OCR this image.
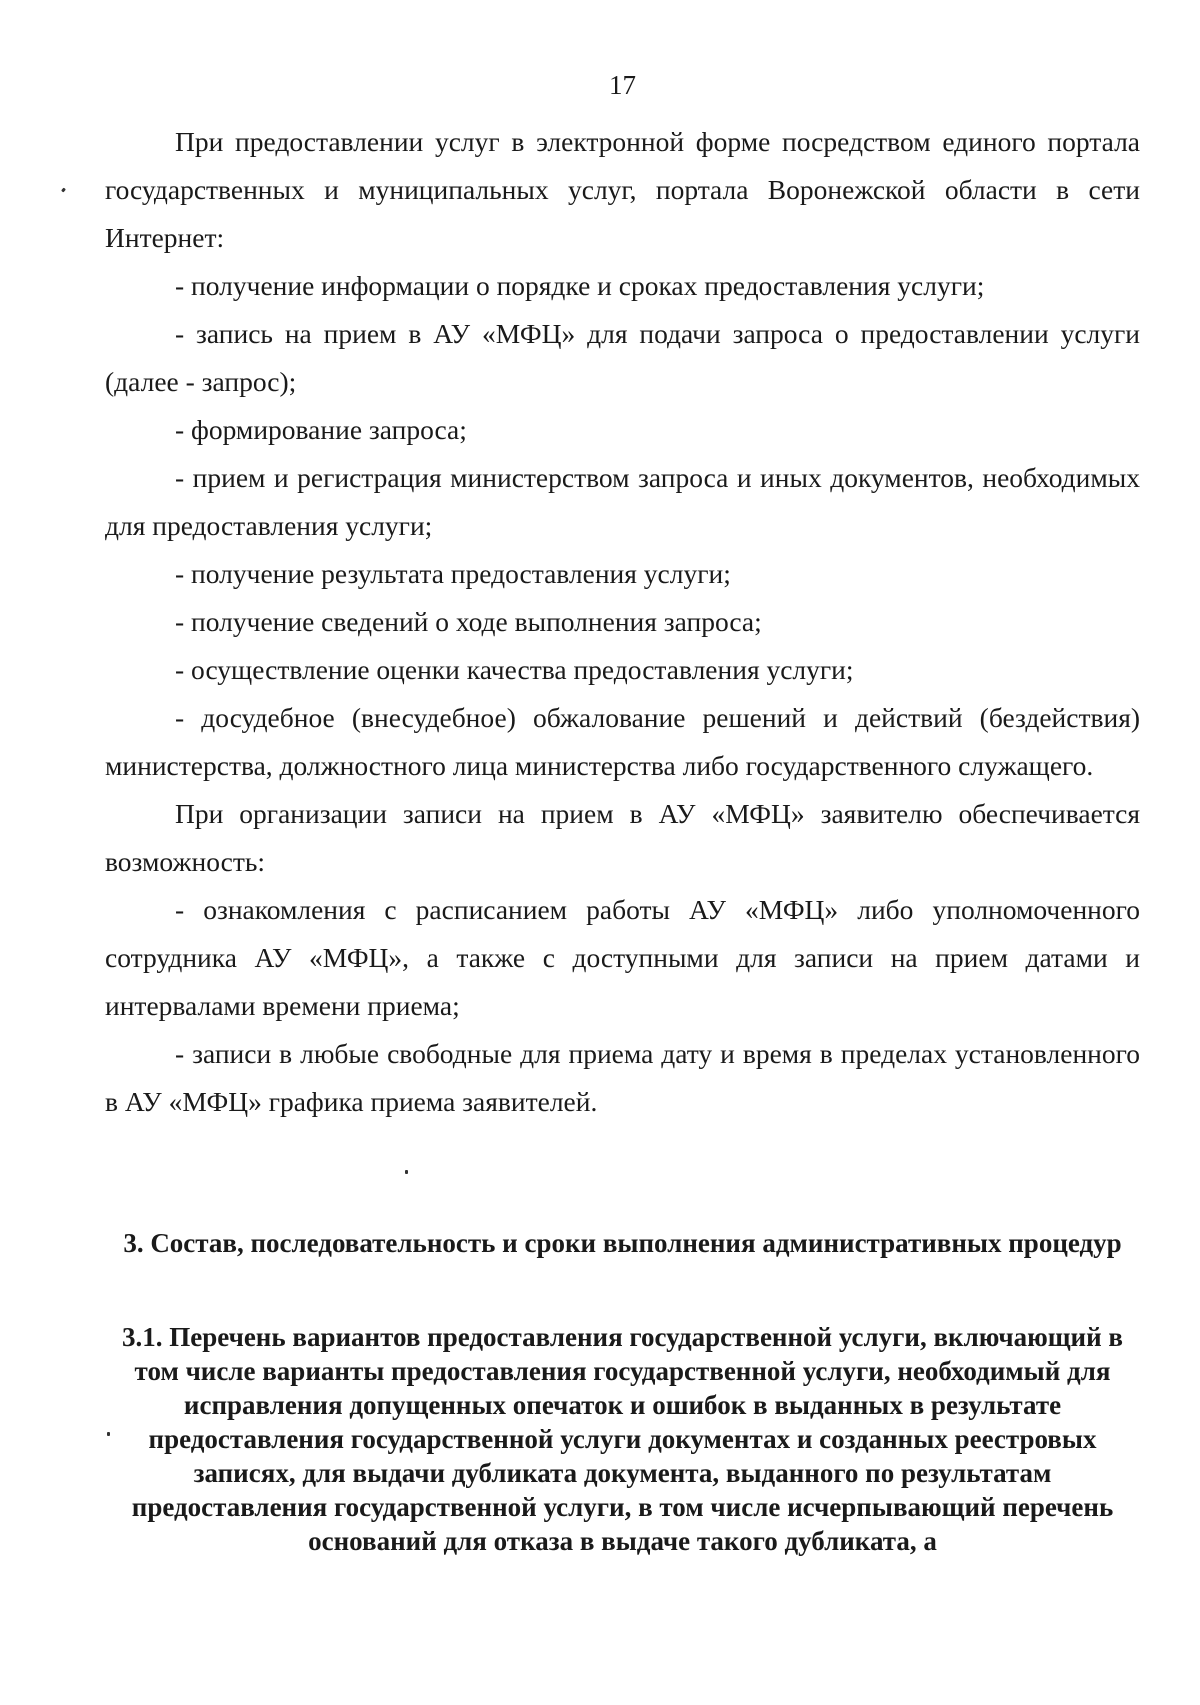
17

При предоставлении услуг в электронной форме посредством единого портала государственных и муниципальных услуг, портала Воронежской области в сети Интернет:

- получение информации о порядке и сроках предоставления услуги;

- запись на прием в АУ «МФЦ» для подачи запроса о предоставлении услуги (далее - запрос);

- формирование запроса;

- прием и регистрация министерством запроса и иных документов, необходимых для предоставления услуги;

- получение результата предоставления услуги;

- получение сведений о ходе выполнения запроса;

- осуществление оценки качества предоставления услуги;

- досудебное (внесудебное) обжалование решений и действий (бездействия) министерства, должностного лица министерства либо государственного служащего.

При организации записи на прием в АУ «МФЦ» заявителю обеспечивается возможность:

- ознакомления с расписанием работы АУ «МФЦ» либо уполномоченного сотрудника АУ «МФЦ», а также с доступными для записи на прием датами и интервалами времени приема;

- записи в любые свободные для приема дату и время в пределах установленного в АУ «МФЦ» графика приема заявителей.

3. Состав, последовательность и сроки выполнения административных процедур
3.1. Перечень вариантов предоставления государственной услуги, включающий в том числе варианты предоставления государственной услуги, необходимый для исправления допущенных опечаток и ошибок в выданных в результате предоставления государственной услуги документах и созданных реестровых записях, для выдачи дубликата документа, выданного по результатам предоставления государственной услуги, в том числе исчерпывающий перечень оснований для отказа в выдаче такого дубликата, а
